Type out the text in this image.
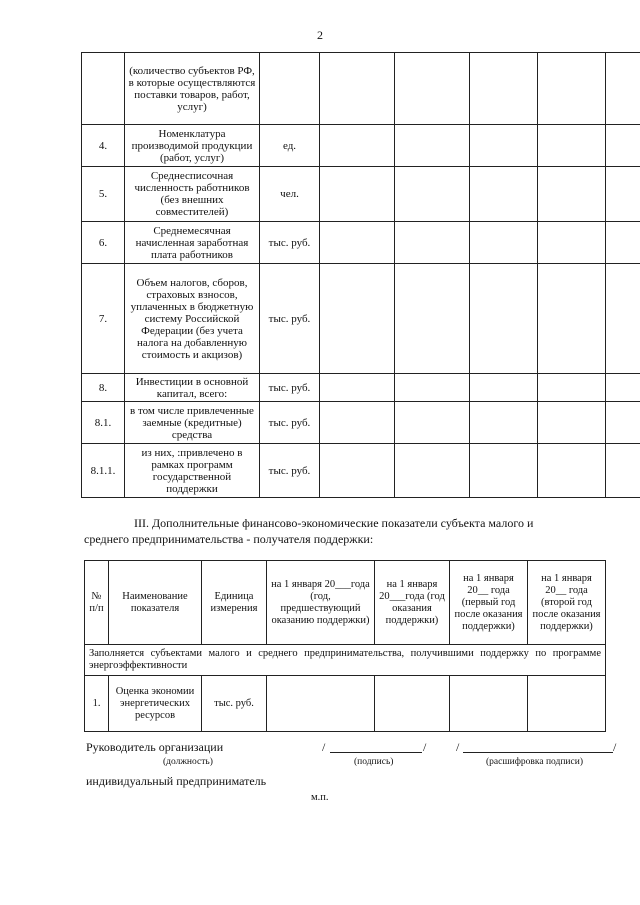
2
	(количество субъектов РФ, в которые осуществляются поставки товаров, работ, услуг)						
4.	Номенклатура производимой продукции (работ, услуг)	ед.					
5.	Среднесписочная численность работников (без внешних совместителей)	чел.					
6.	Среднемесячная начисленная заработная плата работников	тыс. руб.					
7.	Объем налогов, сборов, страховых взносов, уплаченных в бюджетную систему Российской Федерации (без учета налога на добавленную стоимость и акцизов)	тыс. руб.					
8.	Инвестиции в основной капитал, всего:	тыс. руб.					
8.1.	в том числе привлеченные заемные (кредитные) средства	тыс. руб.					
8.1.1.	из них, :привлечено в рамках программ государственной поддержки	тыс. руб.					
III. Дополнительные финансово-экономические показатели субъекта малого и
среднего предпринимательства - получателя поддержки:
№ п/п	Наименование показателя	Единица измерения	на 1 января 20___года (год, предшествующий оказанию поддержки)	на 1 января 20___года (год оказания поддержки)	на 1 января 20__ года (первый год после оказания поддержки)	на 1 января 20__ года (второй год после оказания поддержки)
Заполняется субъектами малого и среднего предпринимательства, получившими поддержку по программе энергоэффективности						
1.	Оценка экономии энергетических ресурсов	тыс. руб.				
Руководитель организации	/	/ /	/
(должность)	(подпись)	(расшифровка подписи)
индивидуальный предприниматель
м.п.
